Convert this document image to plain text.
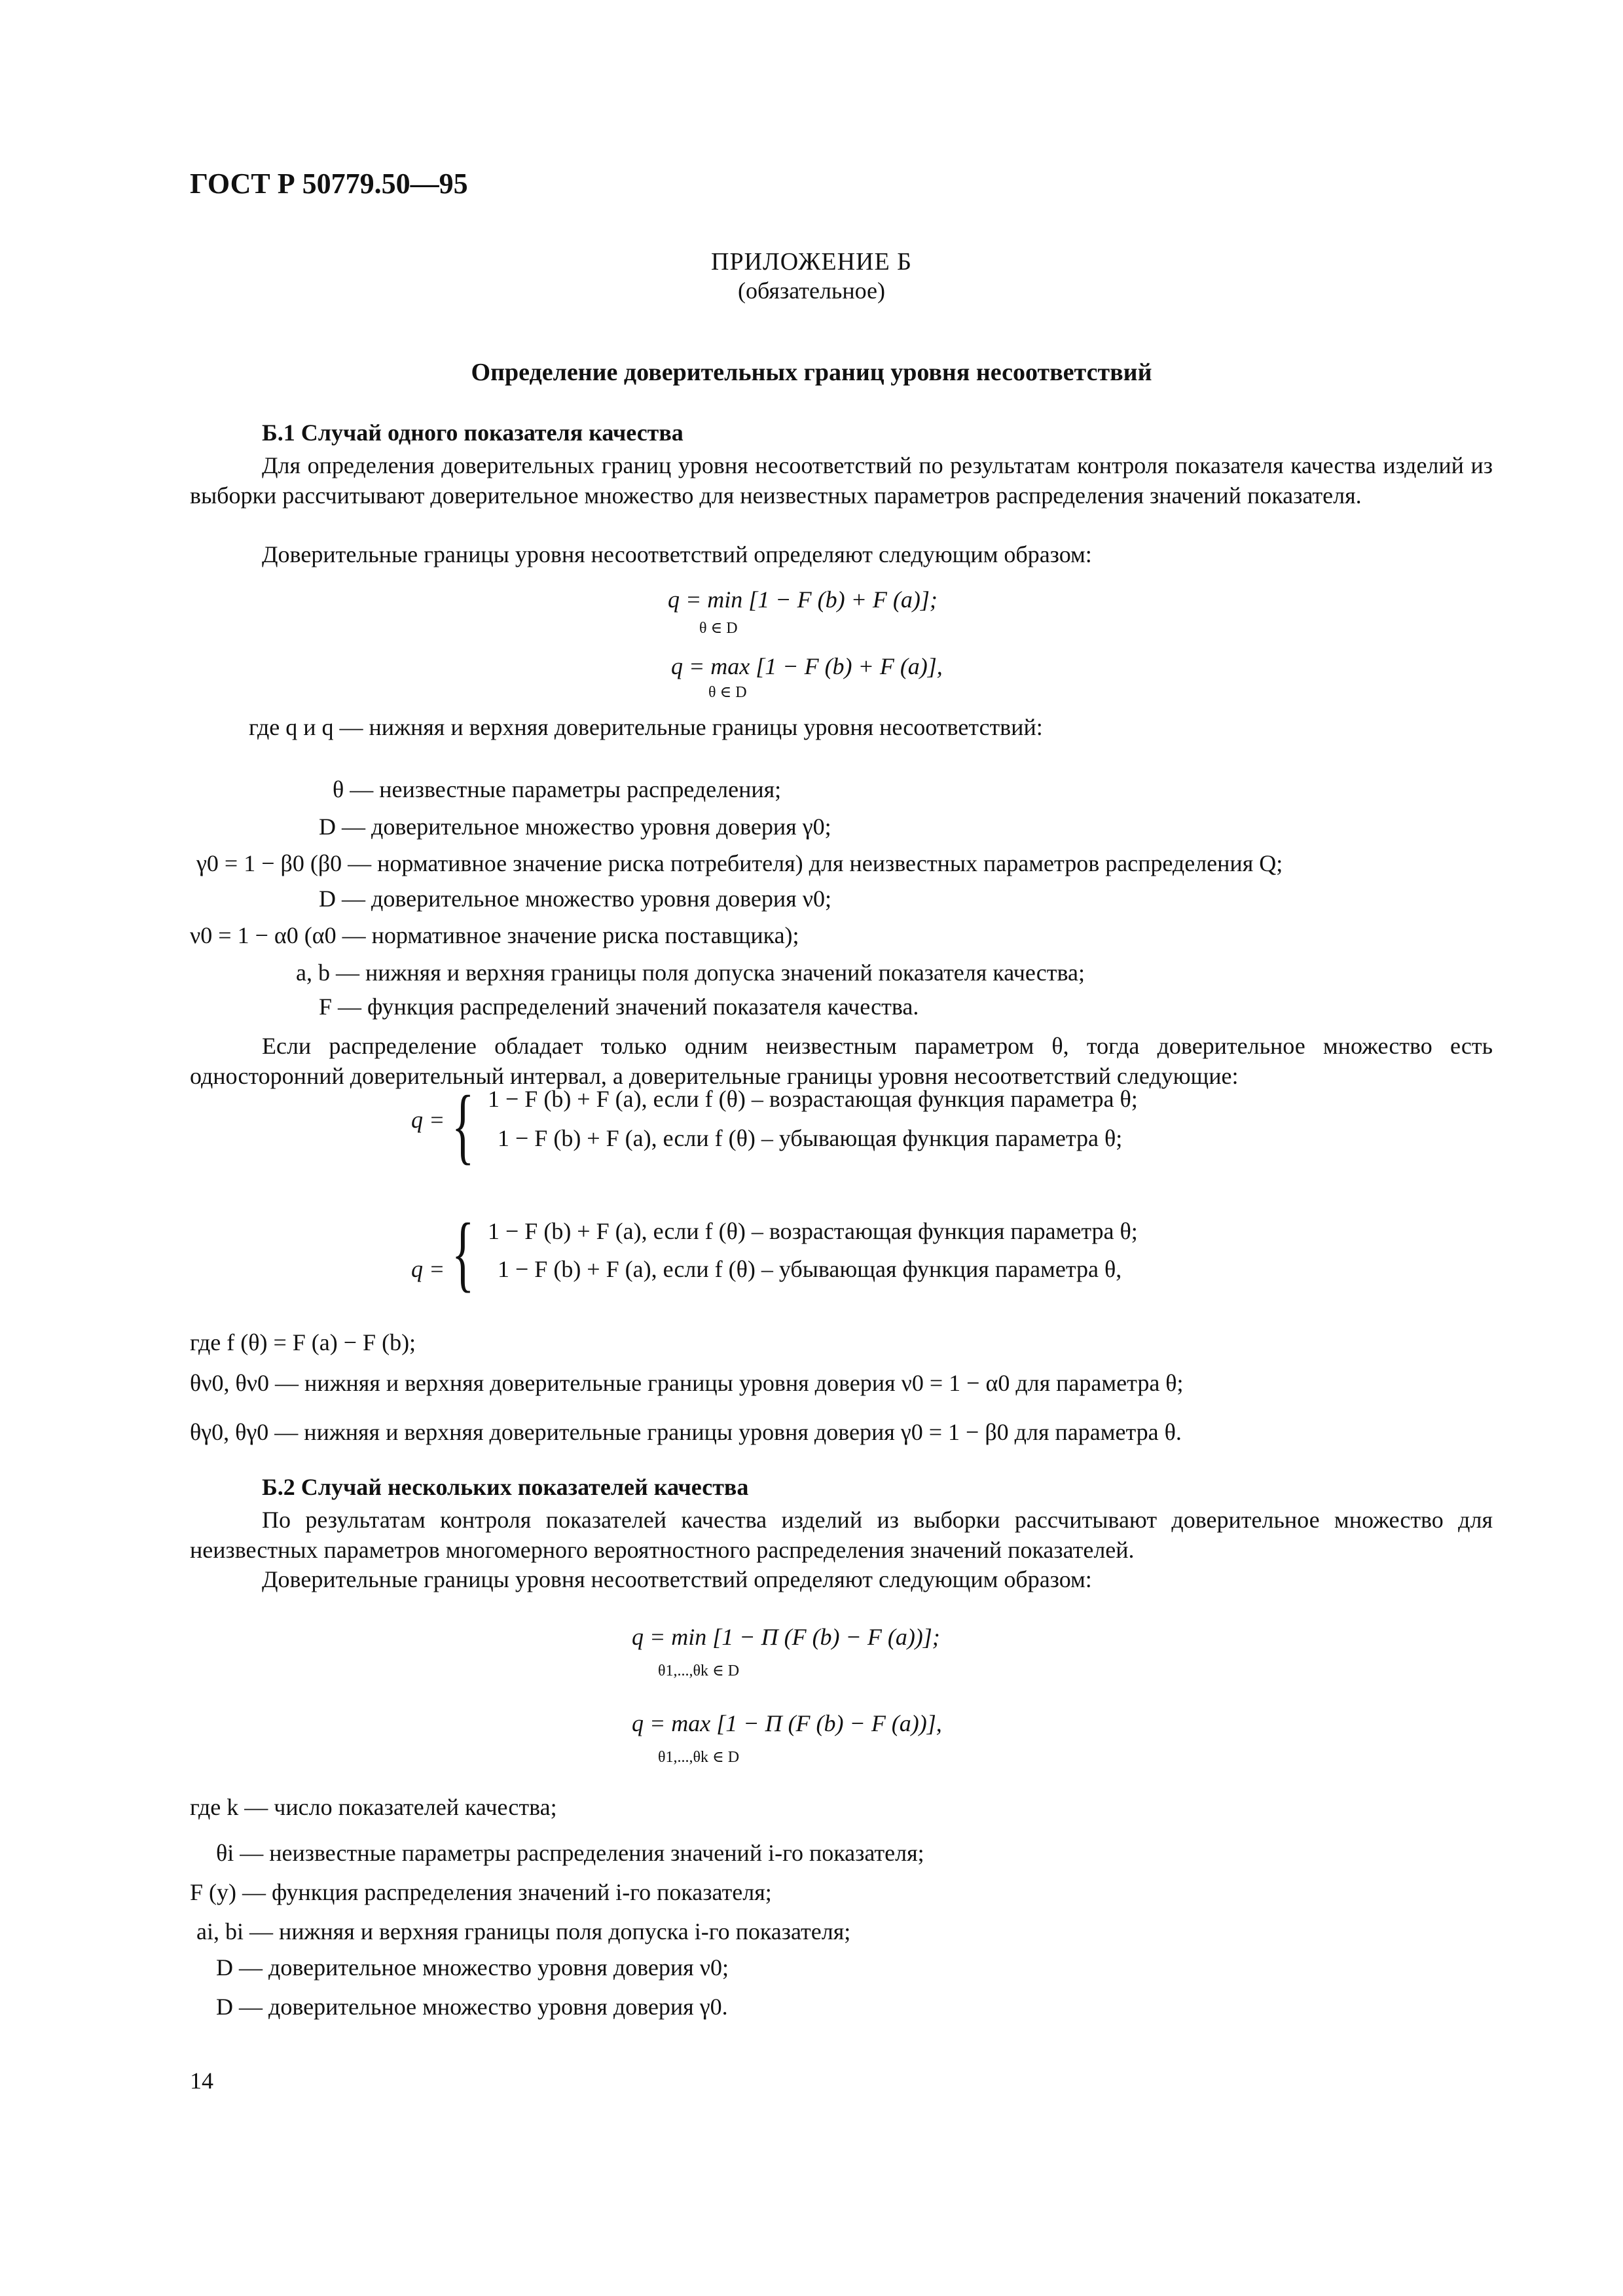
ГОСТ Р 50779.50—95
ПРИЛОЖЕНИЕ Б
(обязательное)
Определение доверительных границ уровня несоответствий
Б.1 Случай одного показателя качества
Для определения доверительных границ уровня несоответствий по результатам контроля показателя качества изделий из выборки рассчитывают доверительное множество для неизвестных параметров распределения значений показателя.
Доверительные границы уровня несоответствий определяют следующим образом:
q = min [1 − F (b) + F (a)];
θ ∈ D
q = max [1 − F (b) + F (a)],
θ ∈ D
где q и q — нижняя и верхняя доверительные границы уровня несоответствий:
θ — неизвестные параметры распределения;
D — доверительное множество уровня доверия γ0;
γ0 = 1 − β0 (β0 — нормативное значение риска потребителя) для неизвестных параметров распределения Q;
D — доверительное множество уровня доверия ν0;
ν0 = 1 − α0 (α0 — нормативное значение риска поставщика);
a, b — нижняя и верхняя границы поля допуска значений показателя качества;
F — функция распределений значений показателя качества.
Если распределение обладает только одним неизвестным параметром θ, тогда доверительное множество есть односторонний доверительный интервал, а доверительные границы уровня несоответствий следующие:
q = { 1 − F (b) + F (a), если f (θ) – возрастающая функция параметра θ;
1 − F (b) + F (a), если f (θ) – убывающая функция параметра θ;
q = { 1 − F (b) + F (a), если f (θ) – возрастающая функция параметра θ;
1 − F (b) + F (a), если f (θ) – убывающая функция параметра θ,
где f (θ) = F (a) − F (b);
θν0, θν0 — нижняя и верхняя доверительные границы уровня доверия ν0 = 1 − α0 для параметра θ;
θγ0, θγ0 — нижняя и верхняя доверительные границы уровня доверия γ0 = 1 − β0 для параметра θ.
Б.2 Случай нескольких показателей качества
По результатам контроля показателей качества изделий из выборки рассчитывают доверительное множество для неизвестных параметров многомерного вероятностного распределения значений показателей.
Доверительные границы уровня несоответствий определяют следующим образом:
q = min [1 − Π (F (b) − F (a))];
θ1,...,θk ∈ D
q = max [1 − Π (F (b) − F (a))],
θ1,...,θk ∈ D
где k — число показателей качества;
θi — неизвестные параметры распределения значений i-го показателя;
F (y) — функция распределения значений i-го показателя;
ai, bi — нижняя и верхняя границы поля допуска i-го показателя;
D — доверительное множество уровня доверия ν0;
D — доверительное множество уровня доверия γ0.
14
